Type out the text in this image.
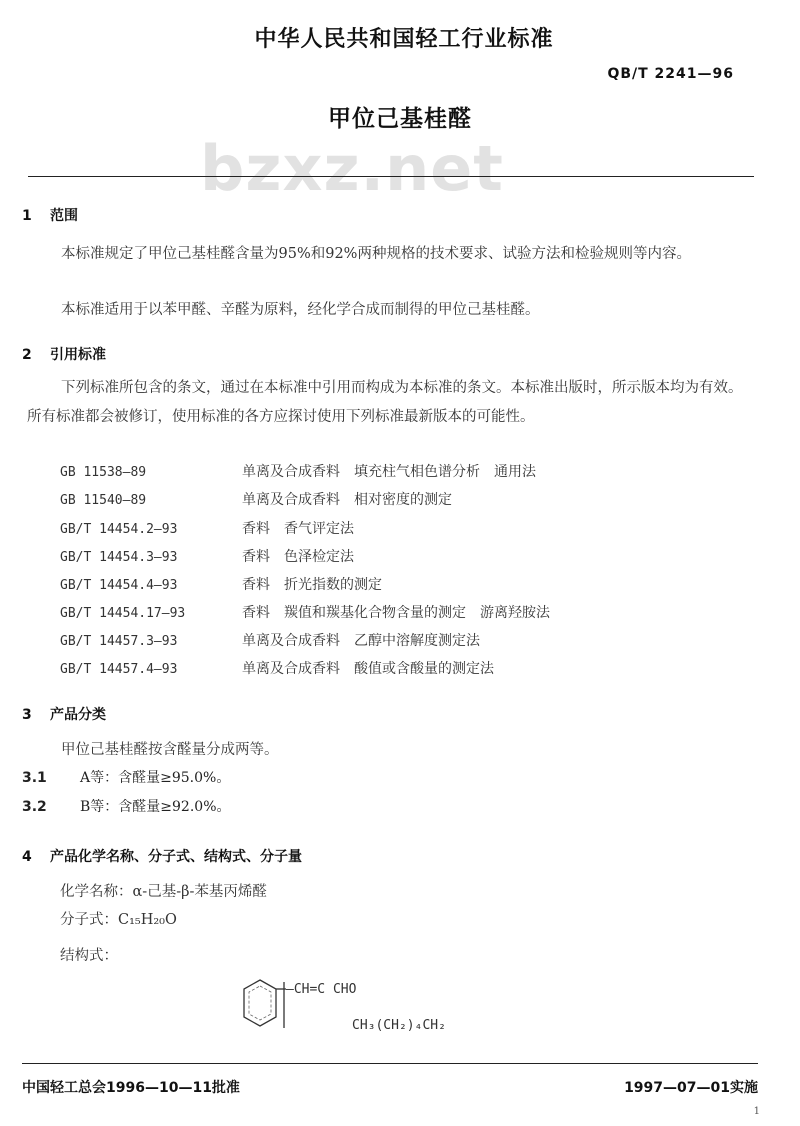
中华人民共和国轻工行业标准
QB/T 2241—96
甲位己基桂醛
bzxz.net
1 范围
本标准规定了甲位己基桂醛含量为95%和92%两种规格的技术要求、试验方法和检验规则等内容。
本标准适用于以苯甲醛、辛醛为原料，经化学合成而制得的甲位己基桂醛。
2 引用标准
下列标准所包含的条文，通过在本标准中引用而构成为本标准的条文。本标准出版时，所示版本均为有效。所有标准都会被修订，使用标准的各方应探讨使用下列标准最新版本的可能性。
GB 11538—89	单离及合成香料　填充柱气相色谱分析　通用法
GB 11540—89	单离及合成香料　相对密度的测定
GB/T 14454.2—93	香料　香气评定法
GB/T 14454.3—93	香料　色泽检定法
GB/T 14454.4—93	香料　折光指数的测定
GB/T 14454.17—93	香料　羰值和羰基化合物含量的测定　游离羟胺法
GB/T 14457.3—93	单离及合成香料　乙醇中溶解度测定法
GB/T 14457.4—93	单离及合成香料　酸值或含酸量的测定法
3 产品分类
甲位己基桂醛按含醛量分成两等。
3.1 A等：含醛量≥95.0%。
3.2 B等：含醛量≥92.0%。
4 产品化学名称、分子式、结构式、分子量
化学名称：α-己基-β-苯基丙烯醛
分子式：C₁₅H₂₀O
结构式：
—CH=C CHO
CH₃(CH₂)₄CH₂
中国轻工总会1996—10—11批准	1997—07—01实施
1
